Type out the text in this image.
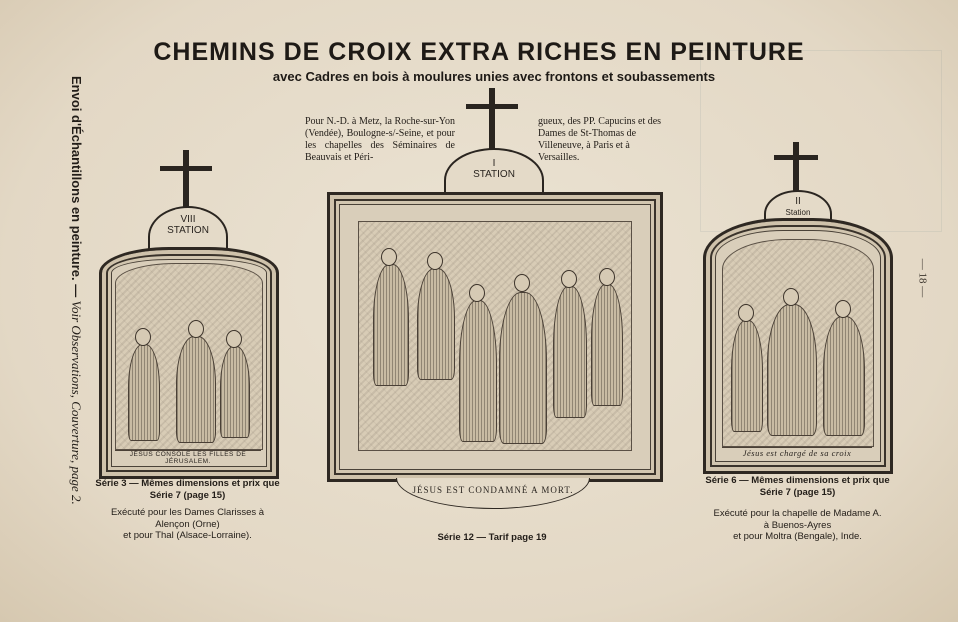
CHEMINS DE CROIX EXTRA RICHES EN PEINTURE
avec Cadres en bois à moulures unies avec frontons et soubassements
Envoi d'Échantillons en peinture. — Voir Observations, Couverture, page 2.
— 18 —
Pour N.-D. à Metz, la Roche-sur-Yon (Vendée), Boulogne-s/-Seine, et pour les chapelles des Séminaires de Beauvais et Péri-
gueux, des PP. Capucins et des Dames de St-Thomas de Villeneuve, à Paris et à Versailles.
VIII
STATION
JÉSUS CONSOLE LES FILLES DE JÉRUSALEM.
Série 3 — Mêmes dimensions et prix que
Série 7 (page 15)
Exécuté pour les Dames Clarisses à
Alençon (Orne)
et pour Thal (Alsace-Lorraine).
I
STATION
JÉSUS EST CONDAMNÉ A MORT.
Série 12 — Tarif page 19
II
Station
Jésus est chargé de sa croix
Série 6 — Mêmes dimensions et prix que
Série 7 (page 15)
Exécuté pour la chapelle de Madame A.
à Buenos-Ayres
et pour Moltra (Bengale), Inde.
